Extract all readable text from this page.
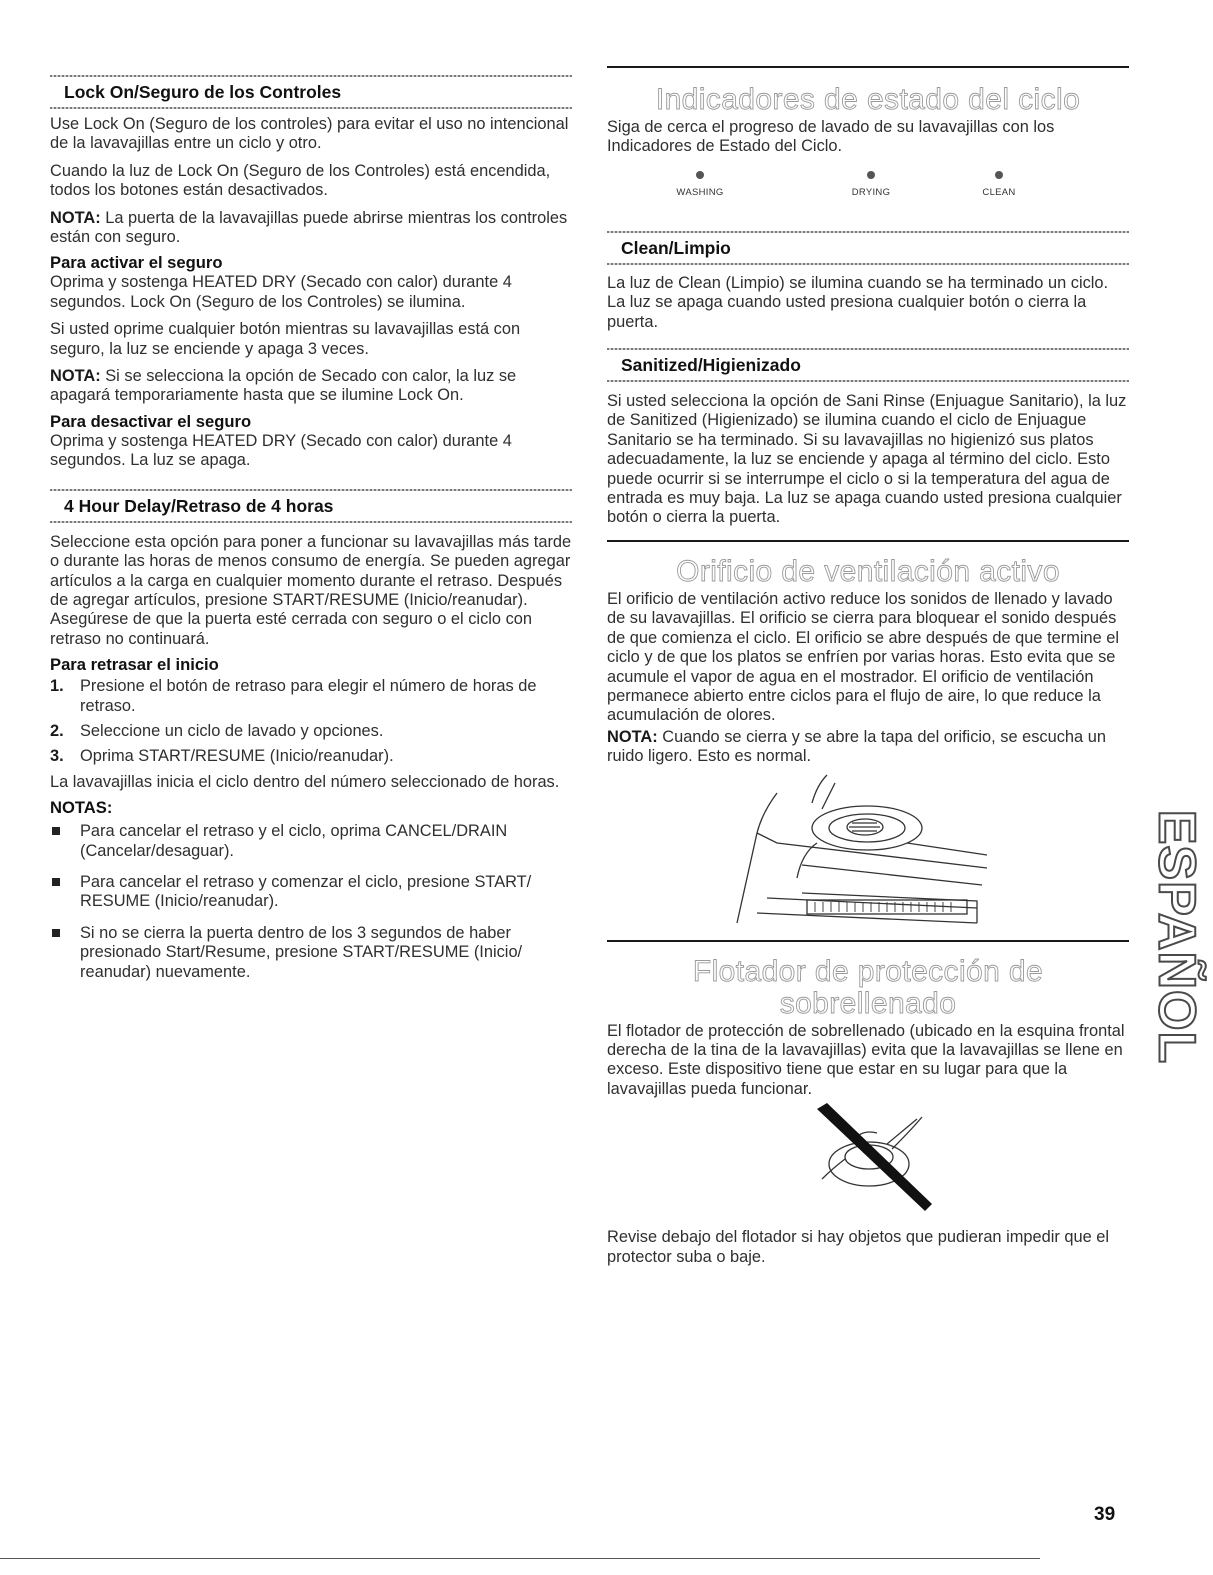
Lock On/Seguro de los Controles

Use Lock On (Seguro de los controles) para evitar el uso no intencional de la lavavajillas entre un ciclo y otro.

Cuando la luz de Lock On (Seguro de los Controles) está encendida, todos los botones están desactivados.

NOTA: La puerta de la lavavajillas puede abrirse mientras los controles están con seguro.

Para activar el seguro

Oprima y sostenga HEATED DRY (Secado con calor) durante 4 segundos. Lock On (Seguro de los Controles) se ilumina.

Si usted oprime cualquier botón mientras su lavavajillas está con seguro, la luz se enciende y apaga 3 veces.

NOTA: Si se selecciona la opción de Secado con calor, la luz se apagará temporariamente hasta que se ilumine Lock On.

Para desactivar el seguro

Oprima y sostenga HEATED DRY (Secado con calor) durante 4 segundos. La luz se apaga.

4 Hour Delay/Retraso de 4 horas

Seleccione esta opción para poner a funcionar su lavavajillas más tarde o durante las horas de menos consumo de energía. Se pueden agregar artículos a la carga en cualquier momento durante el retraso. Después de agregar artículos, presione START/RESUME (Inicio/reanudar). Asegúrese de que la puerta esté cerrada con seguro o el ciclo con retraso no continuará.

Para retrasar el inicio
1. Presione el botón de retraso para elegir el número de horas de retraso.
2. Seleccione un ciclo de lavado y opciones.
3. Oprima START/RESUME (Inicio/reanudar).

La lavavajillas inicia el ciclo dentro del número seleccionado de horas.

NOTAS:
Para cancelar el retraso y el ciclo, oprima CANCEL/DRAIN (Cancelar/desaguar).
Para cancelar el retraso y comenzar el ciclo, presione START/ RESUME (Inicio/reanudar).
Si no se cierra la puerta dentro de los 3 segundos de haber presionado Start/Resume, presione START/RESUME (Inicio/ reanudar) nuevamente.
Indicadores de estado del ciclo

Siga de cerca el progreso de lavado de su lavavajillas con los Indicadores de Estado del Ciclo.

WASHING	DRYING	CLEAN
Clean/Limpio

La luz de Clean (Limpio) se ilumina cuando se ha terminado un ciclo. La luz se apaga cuando usted presiona cualquier botón o cierra la puerta.

Sanitized/Higienizado

Si usted selecciona la opción de Sani Rinse (Enjuague Sanitario), la luz de Sanitized (Higienizado) se ilumina cuando el ciclo de Enjuague Sanitario se ha terminado. Si su lavavajillas no higienizó sus platos adecuadamente, la luz se enciende y apaga al término del ciclo. Esto puede ocurrir si se interrumpe el ciclo o si la temperatura del agua de entrada es muy baja. La luz se apaga cuando usted presiona cualquier botón o cierra la puerta.

Orificio de ventilación activo

El orificio de ventilación activo reduce los sonidos de llenado y lavado de su lavavajillas. El orificio se cierra para bloquear el sonido después de que comienza el ciclo. El orificio se abre después de que termine el ciclo y de que los platos se enfríen por varias horas. Esto evita que se acumule el vapor de agua en el mostrador. El orificio de ventilación permanece abierto entre ciclos para el flujo de aire, lo que reduce la acumulación de olores.

NOTA: Cuando se cierra y se abre la tapa del orificio, se escucha un ruido ligero. Esto es normal.

Flotador de protección de sobrellenado

El flotador de protección de sobrellenado (ubicado en la esquina frontal derecha de la tina de la lavavajillas) evita que la lavavajillas se llene en exceso. Este dispositivo tiene que estar en su lugar para que la lavavajillas pueda funcionar.

Revise debajo del flotador si hay objetos que pudieran impedir que el protector suba o baje.

ESPAÑOL
39
